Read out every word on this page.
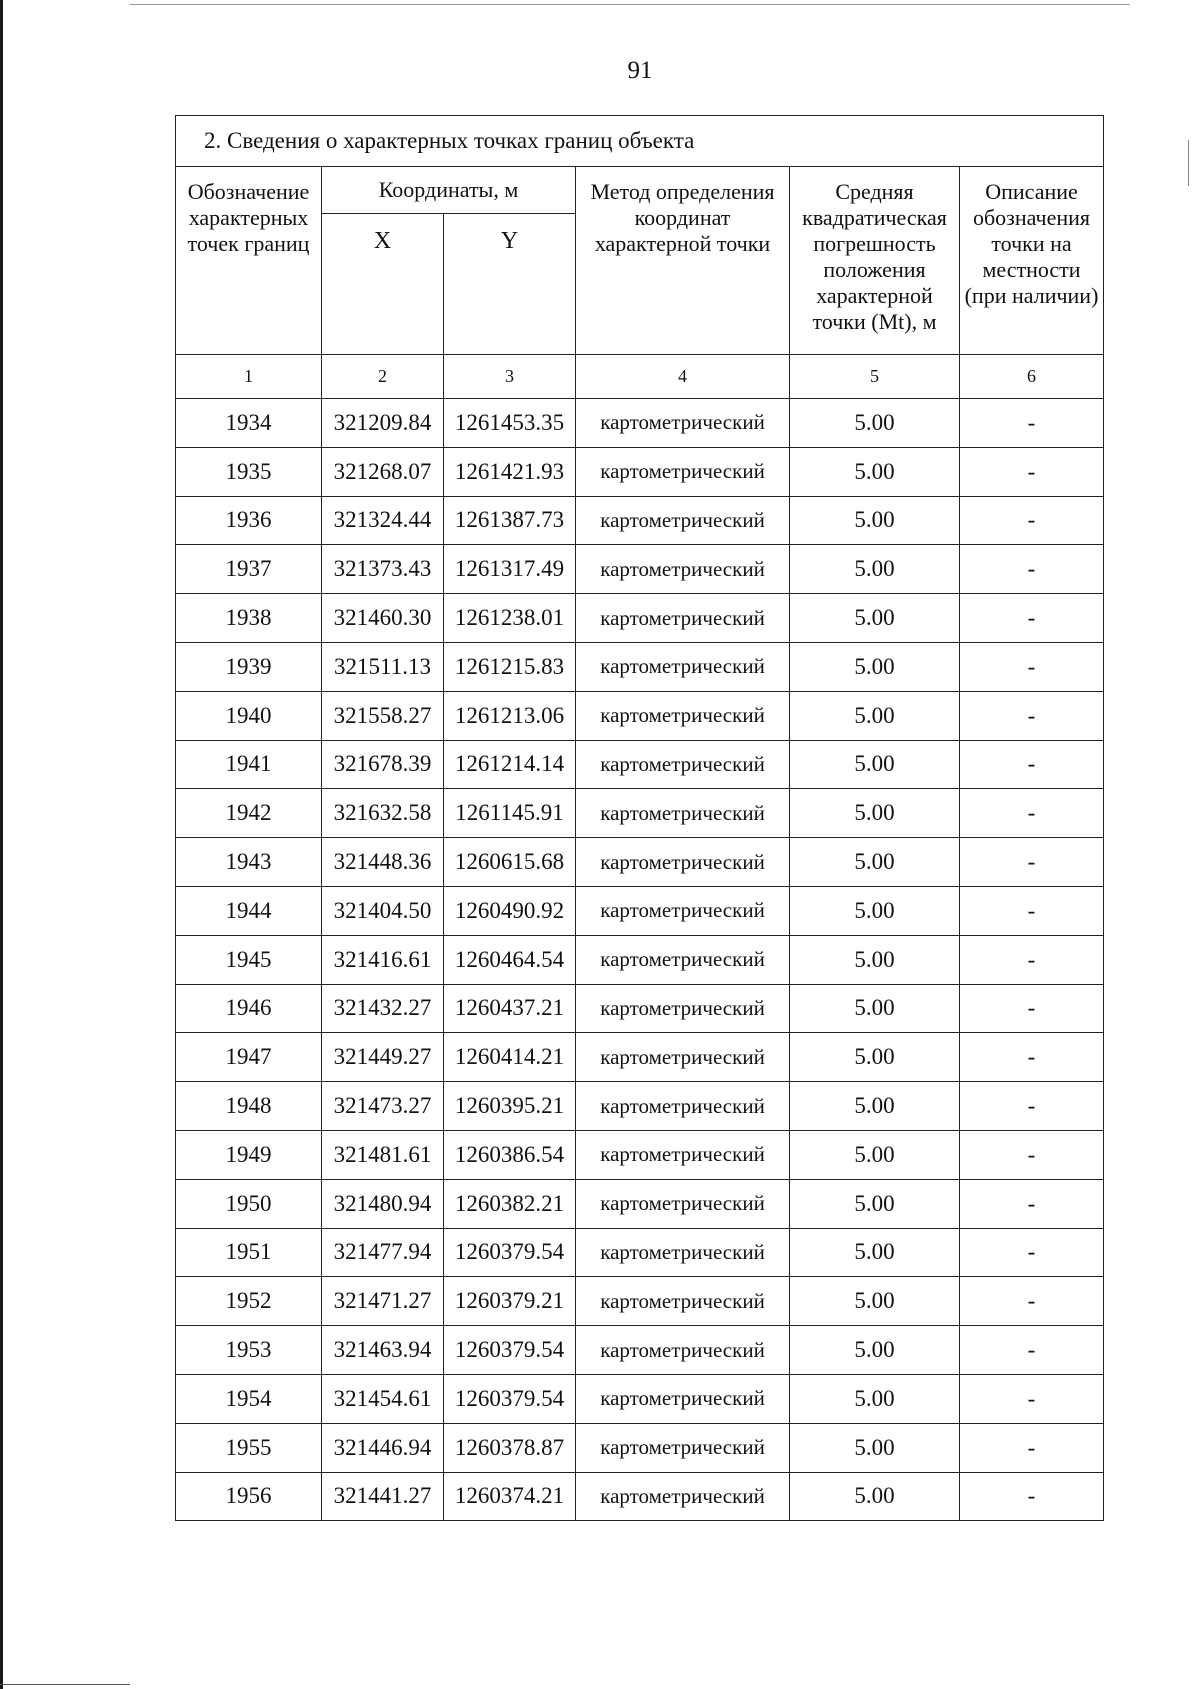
91
2. Сведения о характерных точках границ объекта					
Обозначение характерных точек границ	Координаты, м		Метод определения координат характерной точки	Средняя квадратическая погрешность положения характерной точки (Mt), м	Описание обозначения точки на местности (при наличии)
	X	Y			
1	2	3	4	5	6
1934	321209.84	1261453.35	картометрический	5.00	-
1935	321268.07	1261421.93	картометрический	5.00	-
1936	321324.44	1261387.73	картометрический	5.00	-
1937	321373.43	1261317.49	картометрический	5.00	-
1938	321460.30	1261238.01	картометрический	5.00	-
1939	321511.13	1261215.83	картометрический	5.00	-
1940	321558.27	1261213.06	картометрический	5.00	-
1941	321678.39	1261214.14	картометрический	5.00	-
1942	321632.58	1261145.91	картометрический	5.00	-
1943	321448.36	1260615.68	картометрический	5.00	-
1944	321404.50	1260490.92	картометрический	5.00	-
1945	321416.61	1260464.54	картометрический	5.00	-
1946	321432.27	1260437.21	картометрический	5.00	-
1947	321449.27	1260414.21	картометрический	5.00	-
1948	321473.27	1260395.21	картометрический	5.00	-
1949	321481.61	1260386.54	картометрический	5.00	-
1950	321480.94	1260382.21	картометрический	5.00	-
1951	321477.94	1260379.54	картометрический	5.00	-
1952	321471.27	1260379.21	картометрический	5.00	-
1953	321463.94	1260379.54	картометрический	5.00	-
1954	321454.61	1260379.54	картометрический	5.00	-
1955	321446.94	1260378.87	картометрический	5.00	-
1956	321441.27	1260374.21	картометрический	5.00	-
